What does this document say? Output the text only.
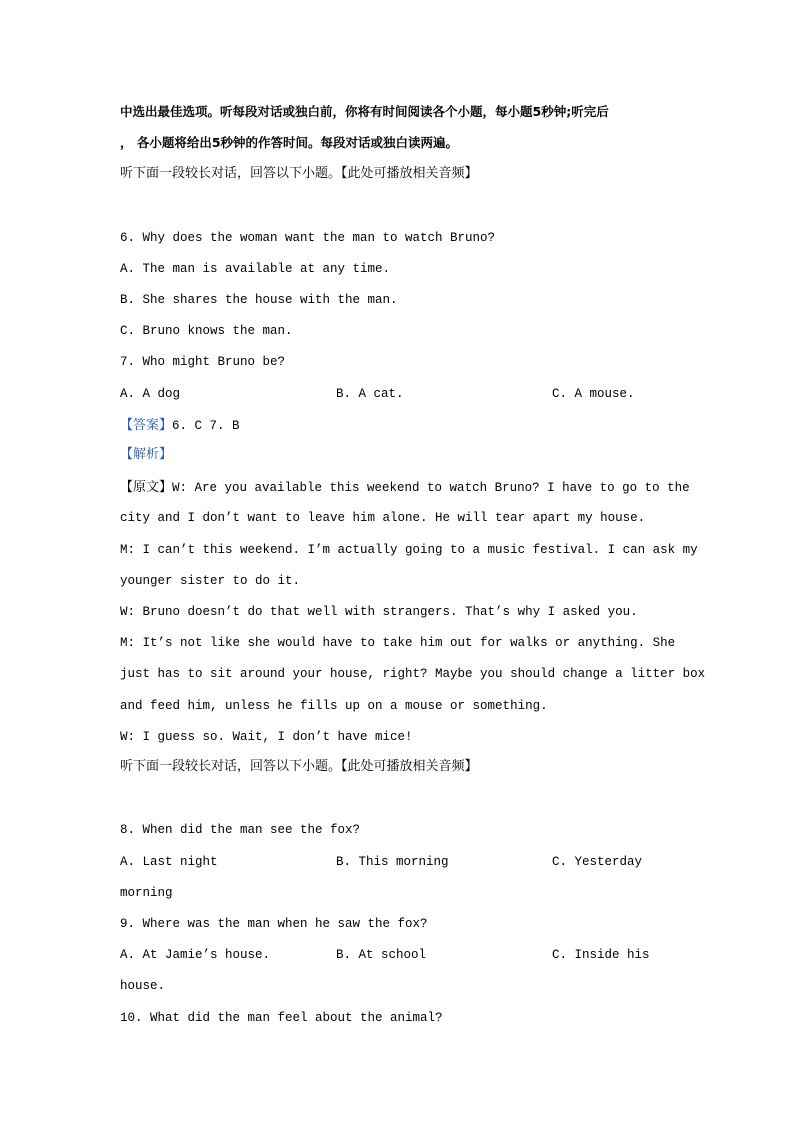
中选出最佳选项。听每段对话或独白前，你将有时间阅读各个小题，每小题5秒钟;听完后
， 各小题将给出5秒钟的作答时间。每段对话或独白读两遍。
听下面一段较长对话，回答以下小题。【此处可播放相关音频】
6. Why does the woman want the man to watch Bruno?
A. The man is available at any time.
B. She shares the house with the man.
C. Bruno knows the man.
7. Who might Bruno be?
A. A dog	B. A cat.	C. A mouse.
【答案】6. C 7. B
【解析】
【原文】W: Are you available this weekend to watch Bruno? I have to go to the
city and I don’t want to leave him alone. He will tear apart my house.
M: I can’t this weekend. I’m actually going to a music festival. I can ask my
younger sister to do it.
W: Bruno doesn’t do that well with strangers. That’s why I asked you.
M: It’s not like she would have to take him out for walks or anything. She
just has to sit around your house, right? Maybe you should change a litter box
and feed him, unless he fills up on a mouse or something.
W: I guess so. Wait, I don’t have mice!
听下面一段较长对话，回答以下小题。【此处可播放相关音频】
8. When did the man see the fox?
A. Last night	B. This morning	C. Yesterday
morning
9. Where was the man when he saw the fox?
A. At Jamie’s house.	B. At school	C. Inside his
house.
10. What did the man feel about the animal?
